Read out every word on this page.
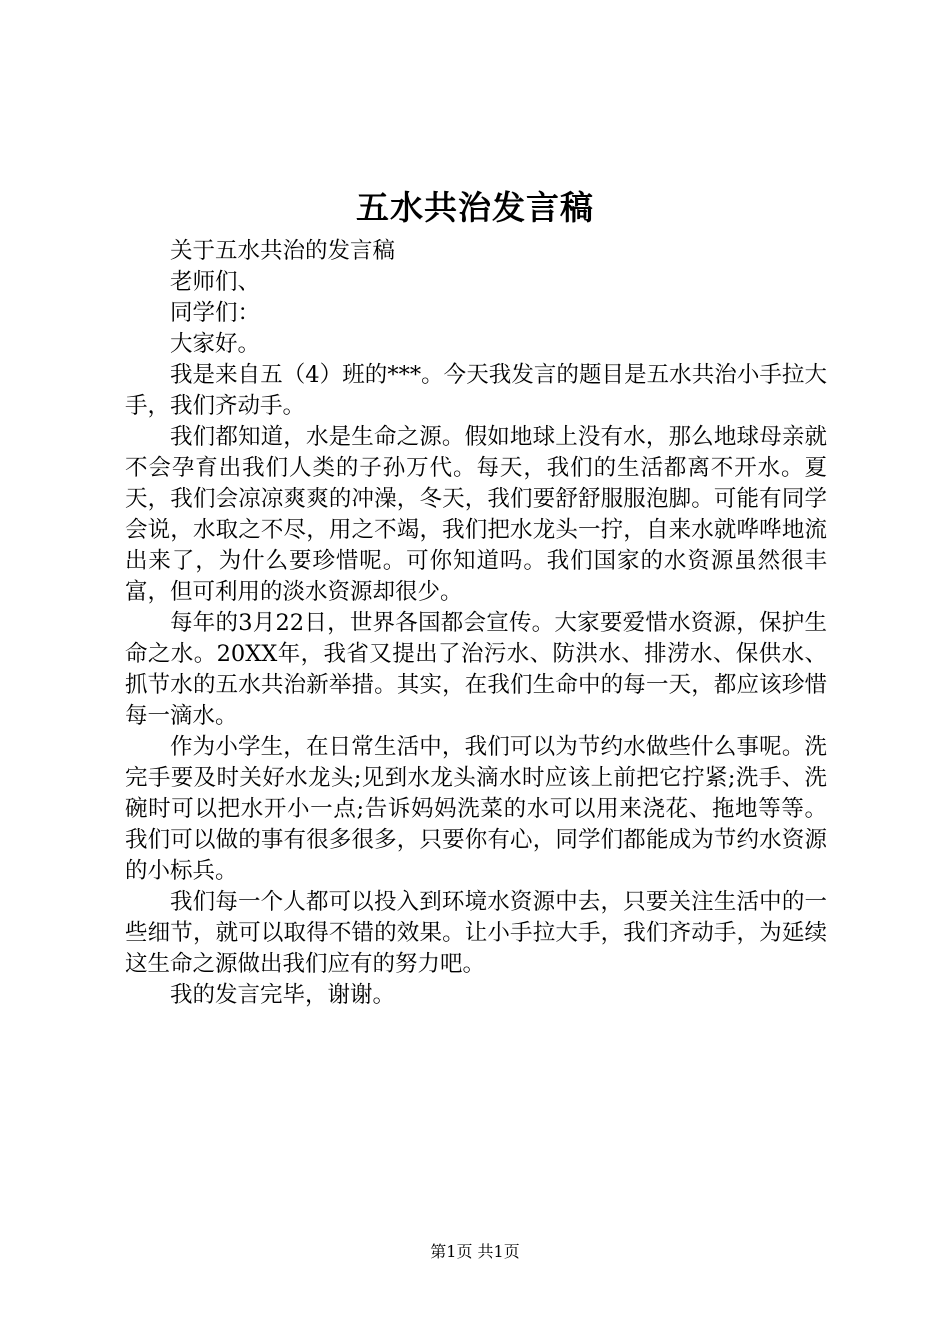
五水共治发言稿

关于五水共治的发言稿

老师们、

同学们：

大家好。

我是来自五（4）班的***。今天我发言的题目是五水共治小手拉大手，我们齐动手。

我们都知道，水是生命之源。假如地球上没有水，那么地球母亲就不会孕育出我们人类的子孙万代。每天，我们的生活都离不开水。夏天，我们会凉凉爽爽的冲澡，冬天，我们要舒舒服服泡脚。可能有同学会说，水取之不尽，用之不竭，我们把水龙头一拧，自来水就哗哗地流出来了，为什么要珍惜呢。可你知道吗。我们国家的水资源虽然很丰富，但可利用的淡水资源却很少。

每年的3月22日，世界各国都会宣传。大家要爱惜水资源，保护生命之水。20XX年，我省又提出了治污水、防洪水、排涝水、保供水、抓节水的五水共治新举措。其实，在我们生命中的每一天，都应该珍惜每一滴水。

作为小学生，在日常生活中，我们可以为节约水做些什么事呢。洗完手要及时关好水龙头;见到水龙头滴水时应该上前把它拧紧;洗手、洗碗时可以把水开小一点;告诉妈妈洗菜的水可以用来浇花、拖地等等。我们可以做的事有很多很多，只要你有心，同学们都能成为节约水资源的小标兵。

我们每一个人都可以投入到环境水资源中去，只要关注生活中的一些细节，就可以取得不错的效果。让小手拉大手，我们齐动手，为延续这生命之源做出我们应有的努力吧。

我的发言完毕，谢谢。

第1页 共1页
